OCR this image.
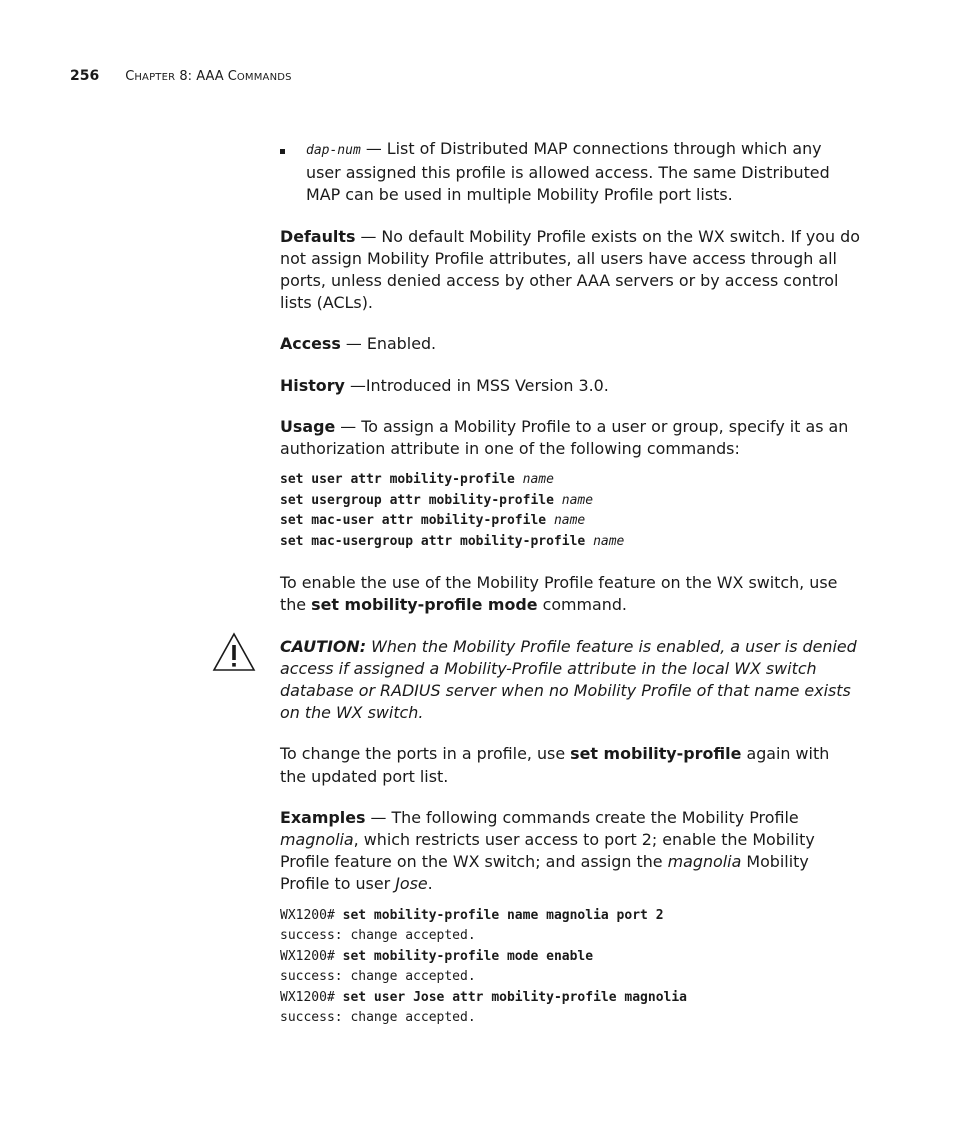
256 CHAPTER 8: AAA COMMANDS

dap-num — List of Distributed MAP connections through which any user assigned this profile is allowed access. The same Distributed MAP can be used in multiple Mobility Profile port lists.

Defaults — No default Mobility Profile exists on the WX switch. If you do not assign Mobility Profile attributes, all users have access through all ports, unless denied access by other AAA servers or by access control lists (ACLs).

Access — Enabled.

History —Introduced in MSS Version 3.0.

Usage — To assign a Mobility Profile to a user or group, specify it as an authorization attribute in one of the following commands:

set user attr mobility-profile name
set usergroup attr mobility-profile name
set mac-user attr mobility-profile name
set mac-usergroup attr mobility-profile name

To enable the use of the Mobility Profile feature on the WX switch, use the set mobility-profile mode command.

CAUTION: When the Mobility Profile feature is enabled, a user is denied access if assigned a Mobility-Profile attribute in the local WX switch database or RADIUS server when no Mobility Profile of that name exists on the WX switch.

To change the ports in a profile, use set mobility-profile again with the updated port list.

Examples — The following commands create the Mobility Profile magnolia, which restricts user access to port 2; enable the Mobility Profile feature on the WX switch; and assign the magnolia Mobility Profile to user Jose.

WX1200# set mobility-profile name magnolia port 2
success: change accepted.
WX1200# set mobility-profile mode enable
success: change accepted.
WX1200# set user Jose attr mobility-profile magnolia
success: change accepted.
